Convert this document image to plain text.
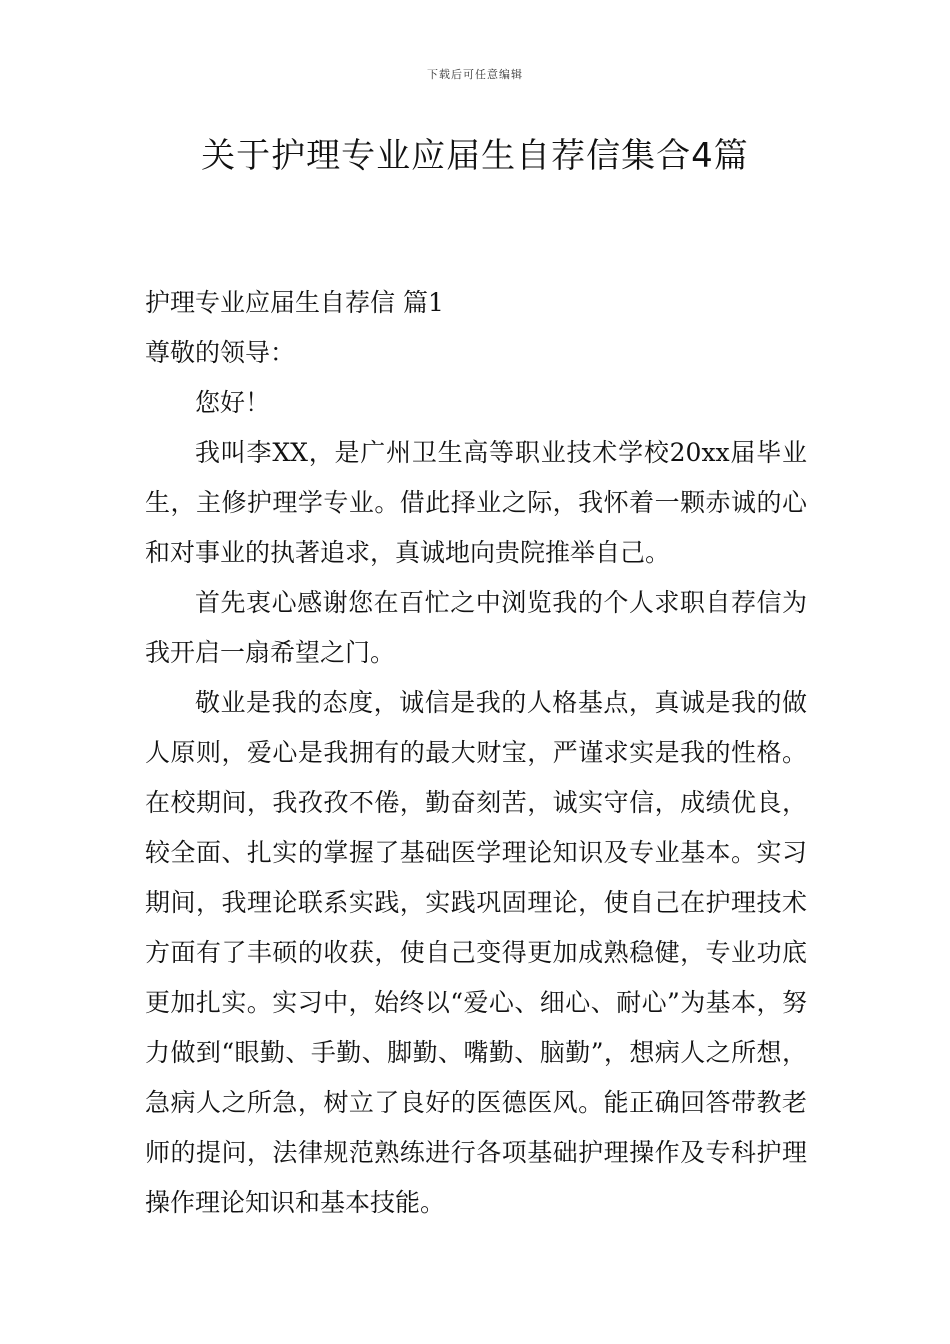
下载后可任意编辑
关于护理专业应届生自荐信集合4篇

护理专业应届生自荐信 篇1

尊敬的领导：

您好！

我叫李XX，是广州卫生高等职业技术学校20xx届毕业生，主修护理学专业。借此择业之际，我怀着一颗赤诚的心和对事业的执著追求，真诚地向贵院推举自己。

首先衷心感谢您在百忙之中浏览我的个人求职自荐信为我开启一扇希望之门。

敬业是我的态度，诚信是我的人格基点，真诚是我的做人原则，爱心是我拥有的最大财宝，严谨求实是我的性格。在校期间，我孜孜不倦，勤奋刻苦，诚实守信，成绩优良，较全面、扎实的掌握了基础医学理论知识及专业基本。实习期间，我理论联系实践，实践巩固理论，使自己在护理技术方面有了丰硕的收获，使自己变得更加成熟稳健，专业功底更加扎实。实习中，始终以“爱心、细心、耐心”为基本，努力做到“眼勤、手勤、脚勤、嘴勤、脑勤”，想病人之所想，急病人之所急，树立了良好的医德医风。能正确回答带教老师的提问，法律规范熟练进行各项基础护理操作及专科护理操作理论知识和基本技能。
